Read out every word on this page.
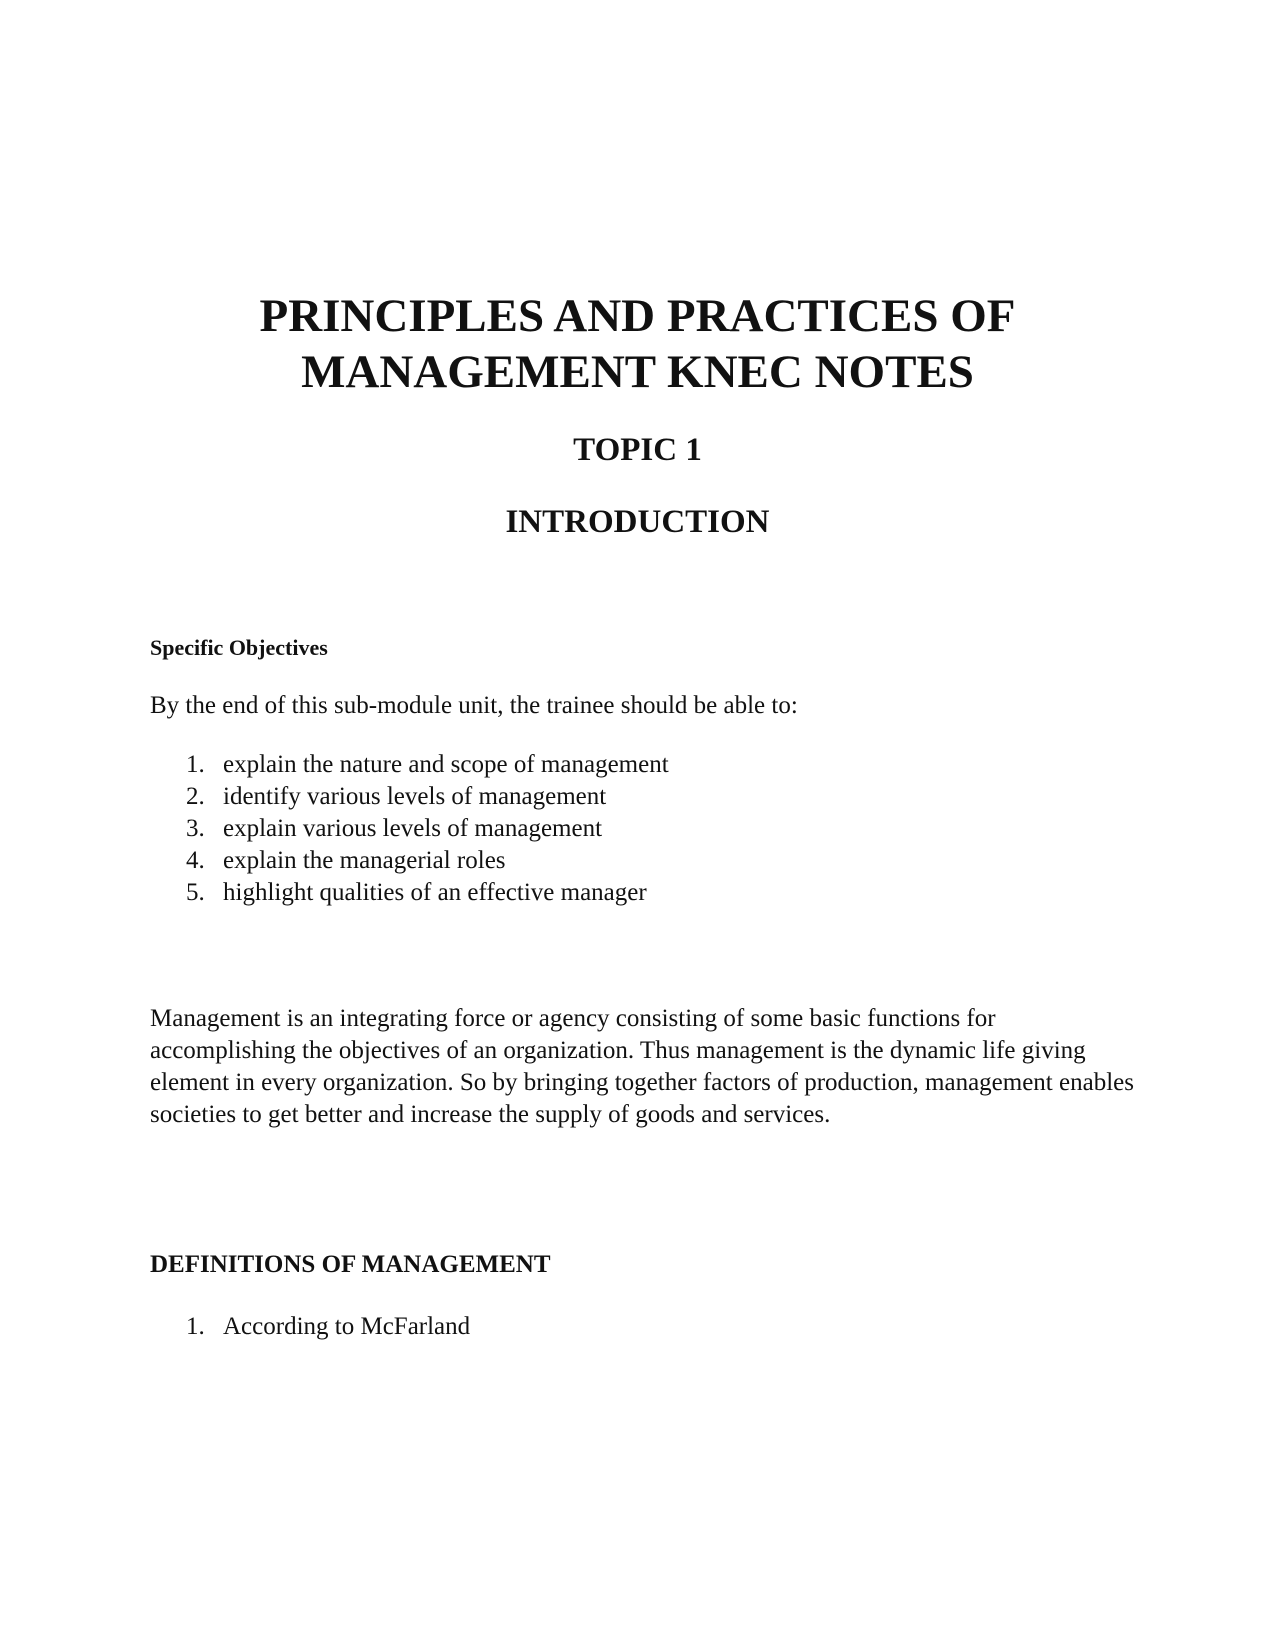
PRINCIPLES AND PRACTICES OF MANAGEMENT KNEC NOTES
TOPIC 1
INTRODUCTION
Specific Objectives

By the end of this sub-module unit, the trainee should be able to:

1. explain the nature and scope of management
2. identify various levels of management
3. explain various levels of management
4. explain the managerial roles
5. highlight qualities of an effective manager

Management is an integrating force or agency consisting of some basic functions for accomplishing the objectives of an organization. Thus management is the dynamic life giving element in every organization. So by bringing together factors of production, management enables societies to get better and increase the supply of goods and services.

DEFINITIONS OF MANAGEMENT
1. According to McFarland
